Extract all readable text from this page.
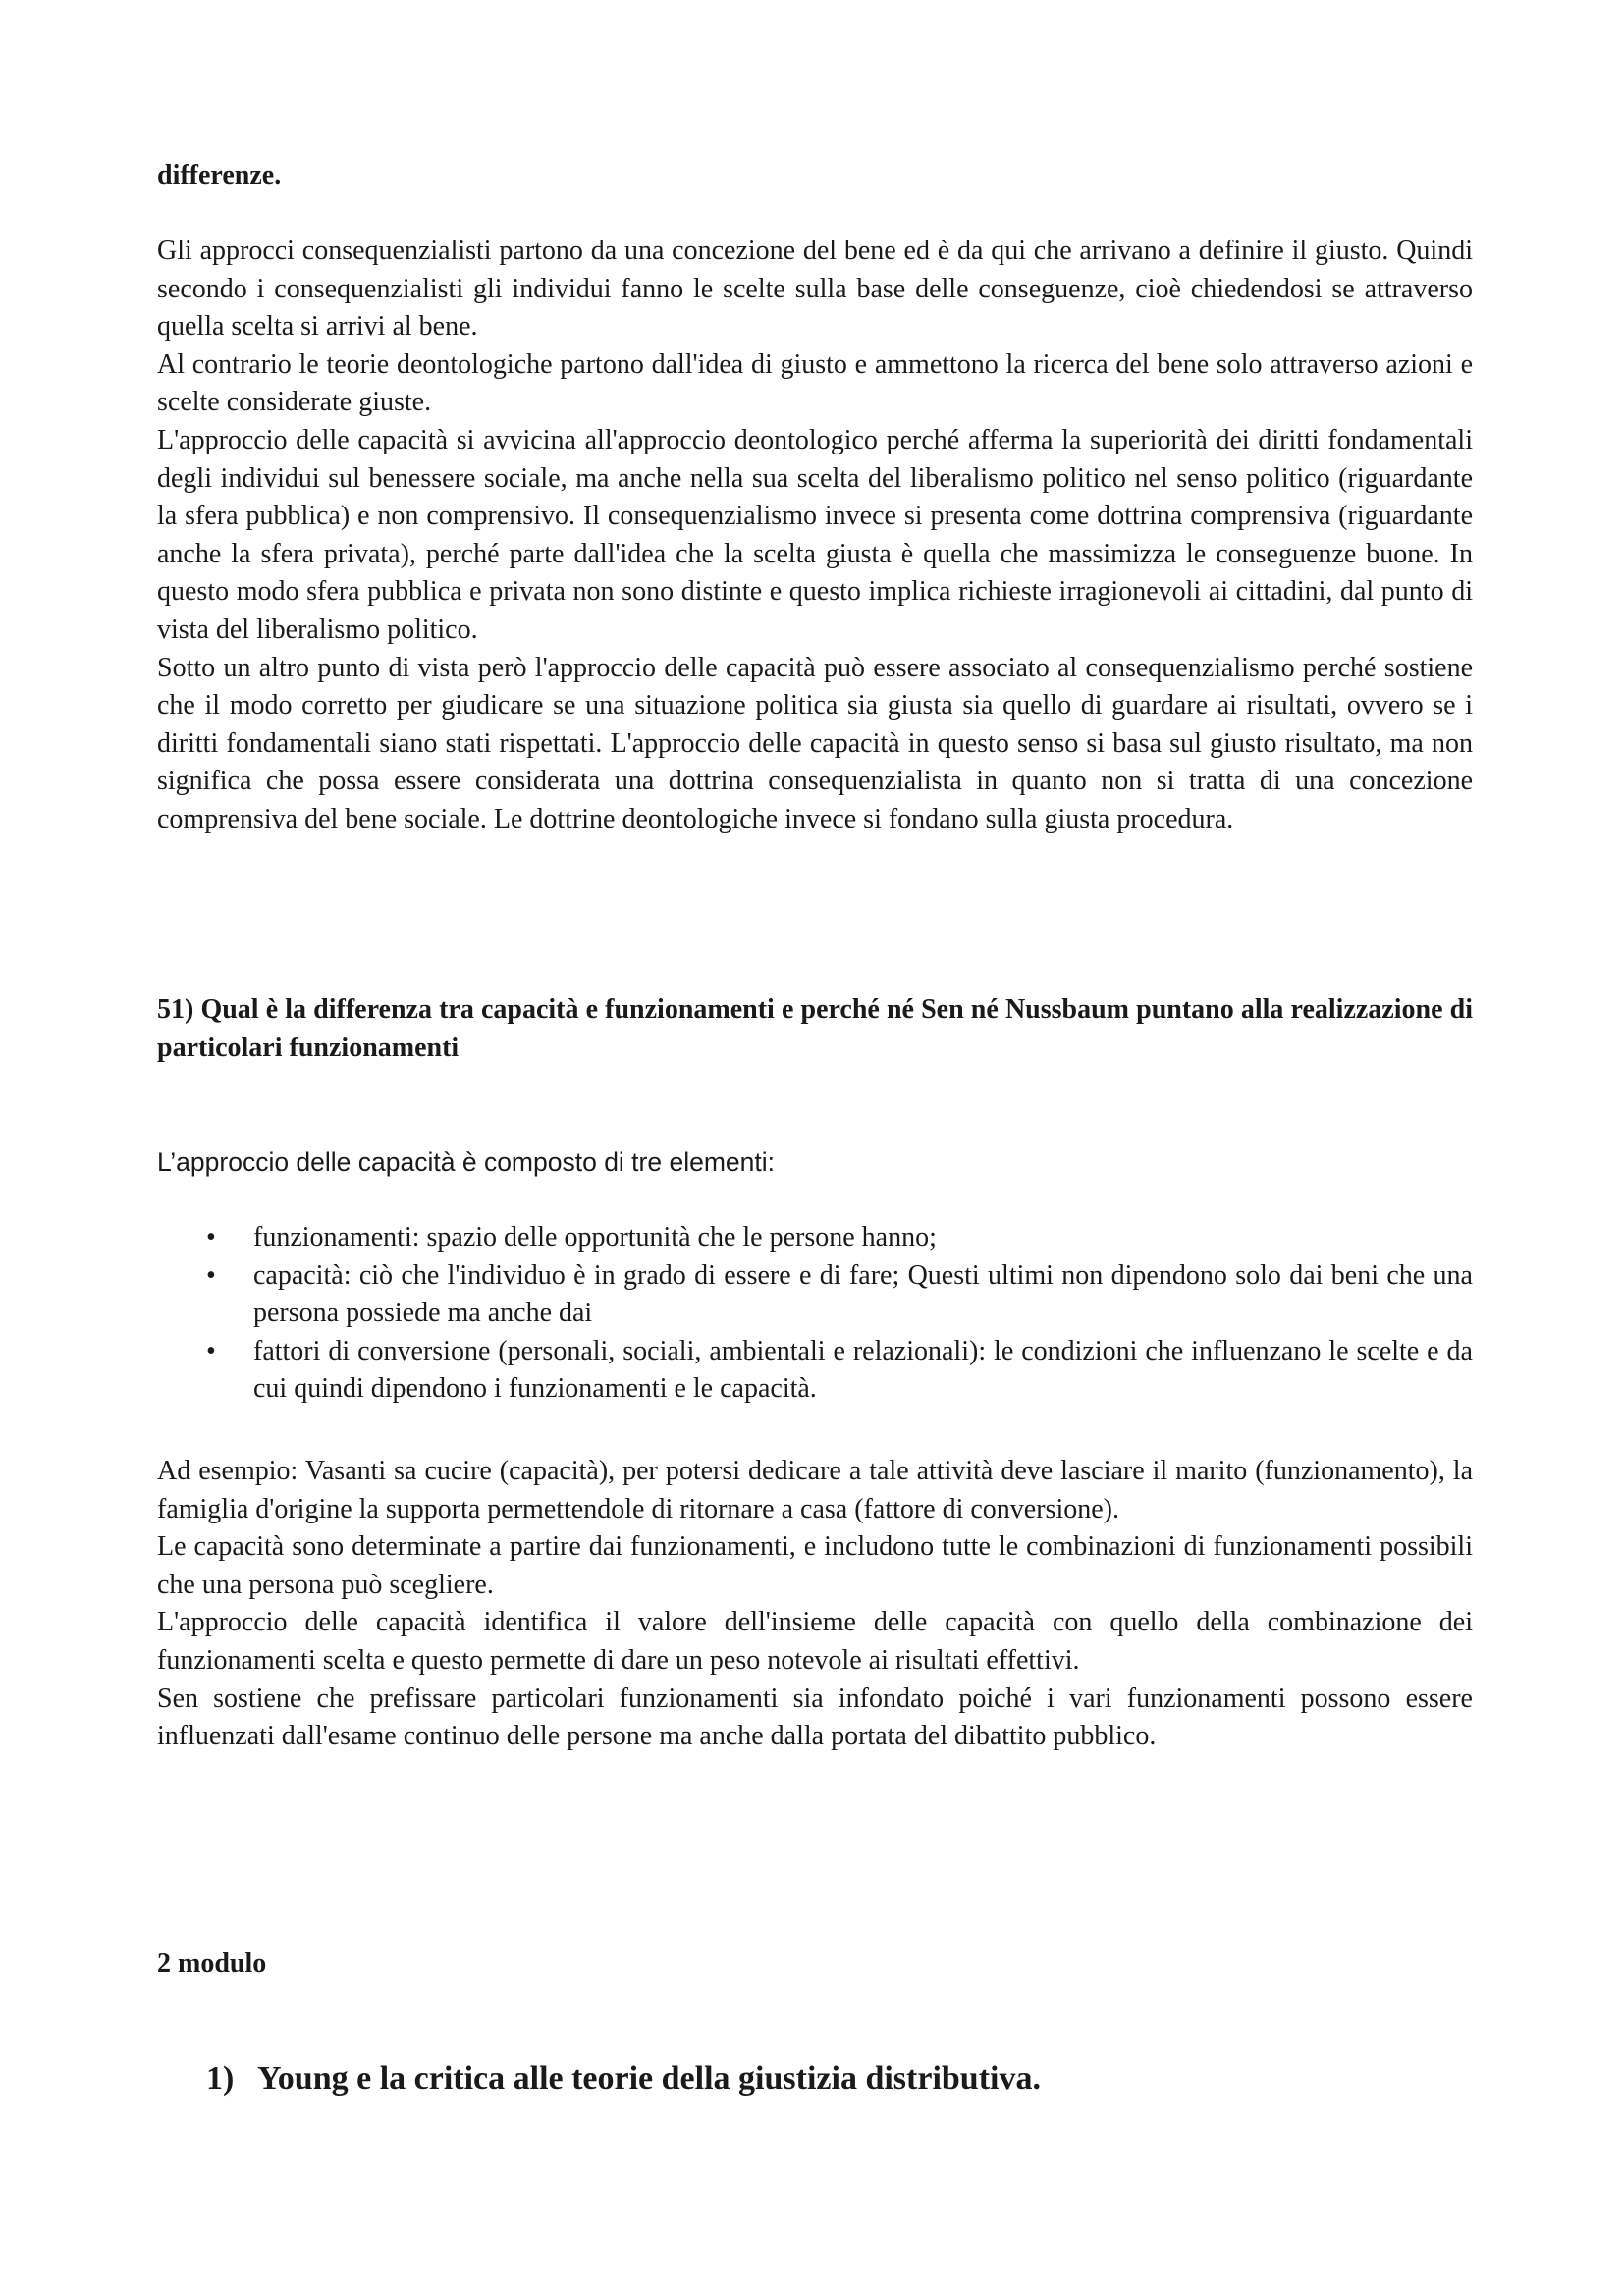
differenze.

Gli approcci consequenzialisti partono da una concezione del bene ed è da qui che arrivano a definire il giusto. Quindi secondo i consequenzialisti gli individui fanno le scelte sulla base delle conseguenze, cioè chiedendosi se attraverso quella scelta si arrivi al bene.

Al contrario le teorie deontologiche partono dall'idea di giusto e ammettono la ricerca del bene solo attraverso azioni e scelte considerate giuste.

L'approccio delle capacità si avvicina all'approccio deontologico perché afferma la superiorità dei diritti fondamentali degli individui sul benessere sociale, ma anche nella sua scelta del liberalismo politico nel senso politico (riguardante la sfera pubblica) e non comprensivo. Il consequenzialismo invece si presenta come dottrina comprensiva (riguardante anche la sfera privata), perché parte dall'idea che la scelta giusta è quella che massimizza le conseguenze buone. In questo modo sfera pubblica e privata non sono distinte e questo implica richieste irragionevoli ai cittadini, dal punto di vista del liberalismo politico.

Sotto un altro punto di vista però l'approccio delle capacità può essere associato al consequenzialismo perché sostiene che il modo corretto per giudicare se una situazione politica sia giusta sia quello di guardare ai risultati, ovvero se i diritti fondamentali siano stati rispettati. L'approccio delle capacità in questo senso si basa sul giusto risultato, ma non significa che possa essere considerata una dottrina consequenzialista in quanto non si tratta di una concezione comprensiva del bene sociale. Le dottrine deontologiche invece si fondano sulla giusta procedura.

51) Qual è la differenza tra capacità e funzionamenti e perché né Sen né Nussbaum puntano alla realizzazione di particolari funzionamenti

L’approccio delle capacità è composto di tre elementi:

• funzionamenti: spazio delle opportunità che le persone hanno;
• capacità: ciò che l'individuo è in grado di essere e di fare; Questi ultimi non dipendono solo dai beni che una persona possiede ma anche dai
• fattori di conversione (personali, sociali, ambientali e relazionali): le condizioni che influenzano le scelte e da cui quindi dipendono i funzionamenti e le capacità.

Ad esempio: Vasanti sa cucire (capacità), per potersi dedicare a tale attività deve lasciare il marito (funzionamento), la famiglia d'origine la supporta permettendole di ritornare a casa (fattore di conversione).

Le capacità sono determinate a partire dai funzionamenti, e includono tutte le combinazioni di funzionamenti possibili che una persona può scegliere.

L'approccio delle capacità identifica il valore dell'insieme delle capacità con quello della combinazione dei funzionamenti scelta e questo permette di dare un peso notevole ai risultati effettivi.

Sen sostiene che prefissare particolari funzionamenti sia infondato poiché i vari funzionamenti possono essere influenzati dall'esame continuo delle persone ma anche dalla portata del dibattito pubblico.

2 modulo

1) Young e la critica alle teorie della giustizia distributiva.
